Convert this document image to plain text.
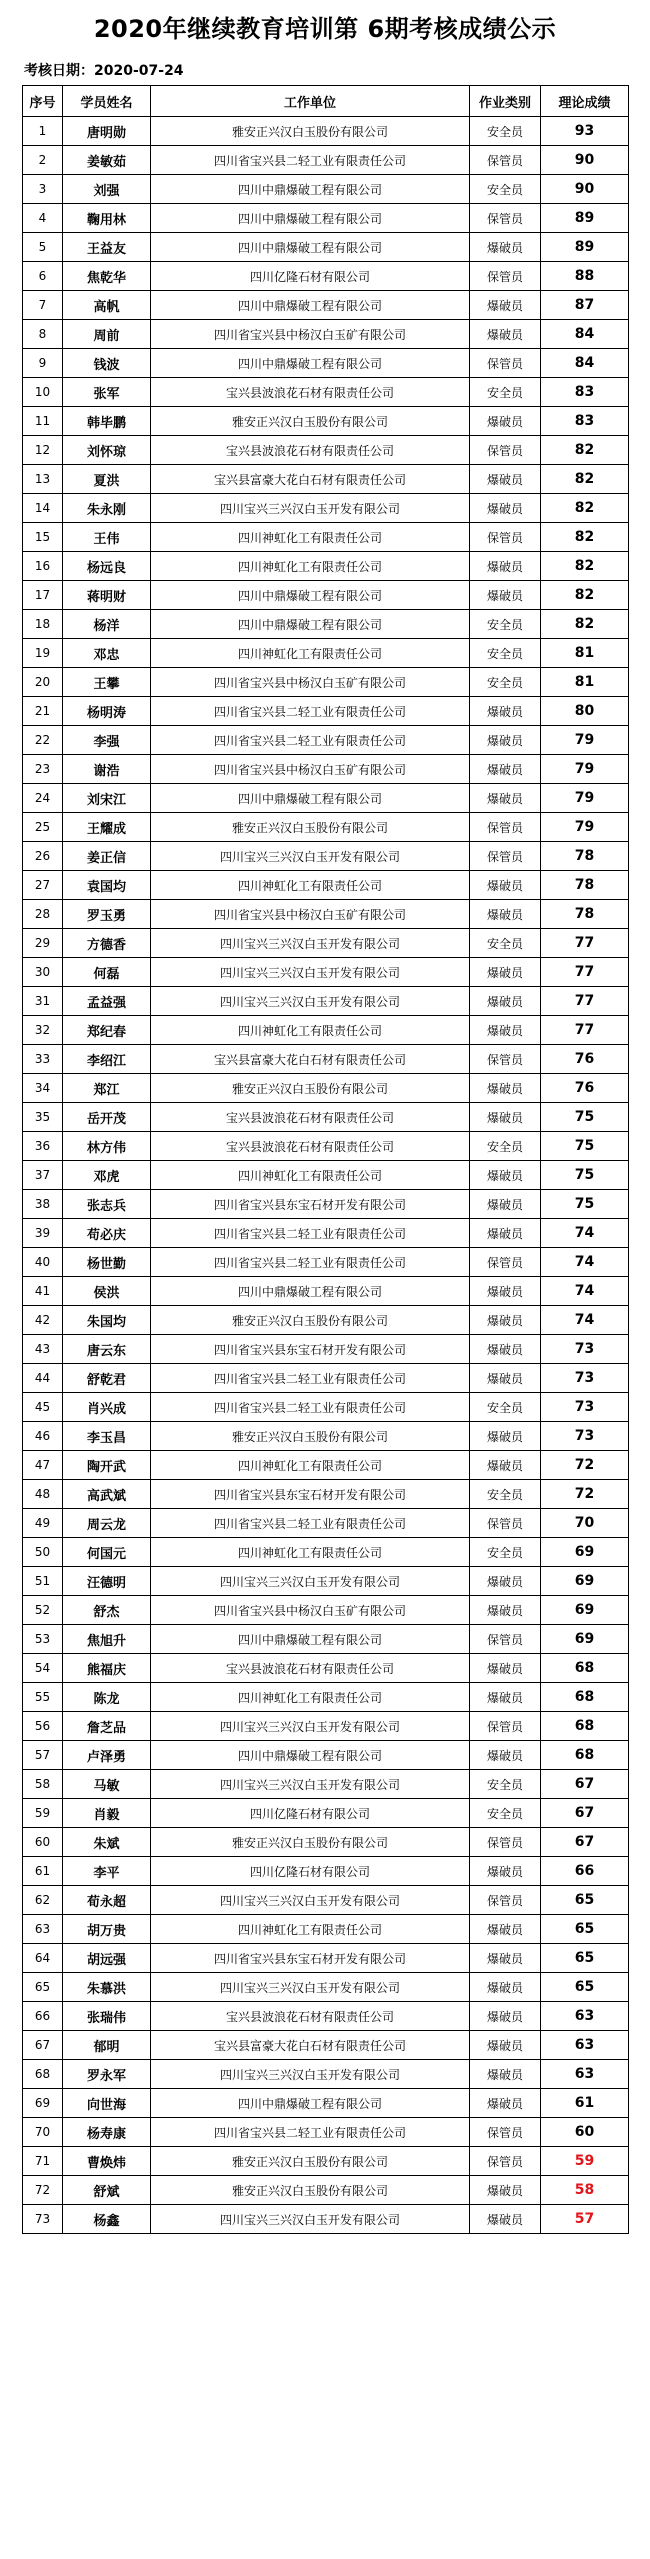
2020年继续教育培训第 6期考核成绩公示
考核日期：2020-07-24
序号	学员姓名	工作单位	作业类别	理论成绩
1	唐明勋	雅安正兴汉白玉股份有限公司	安全员	93
2	姜敏茹	四川省宝兴县二轻工业有限责任公司	保管员	90
3	刘强	四川中鼎爆破工程有限公司	安全员	90
4	鞠用林	四川中鼎爆破工程有限公司	保管员	89
5	王益友	四川中鼎爆破工程有限公司	爆破员	89
6	焦乾华	四川亿隆石材有限公司	保管员	88
7	高帆	四川中鼎爆破工程有限公司	爆破员	87
8	周前	四川省宝兴县中杨汉白玉矿有限公司	爆破员	84
9	钱波	四川中鼎爆破工程有限公司	保管员	84
10	张军	宝兴县波浪花石材有限责任公司	安全员	83
11	韩毕鹏	雅安正兴汉白玉股份有限公司	爆破员	83
12	刘怀琼	宝兴县波浪花石材有限责任公司	保管员	82
13	夏洪	宝兴县富豪大花白石材有限责任公司	爆破员	82
14	朱永刚	四川宝兴三兴汉白玉开发有限公司	爆破员	82
15	王伟	四川神虹化工有限责任公司	保管员	82
16	杨远良	四川神虹化工有限责任公司	爆破员	82
17	蒋明财	四川中鼎爆破工程有限公司	爆破员	82
18	杨洋	四川中鼎爆破工程有限公司	安全员	82
19	邓忠	四川神虹化工有限责任公司	安全员	81
20	王攀	四川省宝兴县中杨汉白玉矿有限公司	安全员	81
21	杨明涛	四川省宝兴县二轻工业有限责任公司	爆破员	80
22	李强	四川省宝兴县二轻工业有限责任公司	爆破员	79
23	谢浩	四川省宝兴县中杨汉白玉矿有限公司	爆破员	79
24	刘宋江	四川中鼎爆破工程有限公司	爆破员	79
25	王耀成	雅安正兴汉白玉股份有限公司	保管员	79
26	姜正信	四川宝兴三兴汉白玉开发有限公司	保管员	78
27	袁国均	四川神虹化工有限责任公司	爆破员	78
28	罗玉勇	四川省宝兴县中杨汉白玉矿有限公司	爆破员	78
29	方德香	四川宝兴三兴汉白玉开发有限公司	安全员	77
30	何磊	四川宝兴三兴汉白玉开发有限公司	爆破员	77
31	孟益强	四川宝兴三兴汉白玉开发有限公司	爆破员	77
32	郑纪春	四川神虹化工有限责任公司	爆破员	77
33	李绍江	宝兴县富豪大花白石材有限责任公司	保管员	76
34	郑江	雅安正兴汉白玉股份有限公司	爆破员	76
35	岳开茂	宝兴县波浪花石材有限责任公司	爆破员	75
36	林方伟	宝兴县波浪花石材有限责任公司	安全员	75
37	邓虎	四川神虹化工有限责任公司	爆破员	75
38	张志兵	四川省宝兴县东宝石材开发有限公司	爆破员	75
39	苟必庆	四川省宝兴县二轻工业有限责任公司	爆破员	74
40	杨世勤	四川省宝兴县二轻工业有限责任公司	保管员	74
41	侯洪	四川中鼎爆破工程有限公司	爆破员	74
42	朱国均	雅安正兴汉白玉股份有限公司	爆破员	74
43	唐云东	四川省宝兴县东宝石材开发有限公司	爆破员	73
44	舒乾君	四川省宝兴县二轻工业有限责任公司	爆破员	73
45	肖兴成	四川省宝兴县二轻工业有限责任公司	安全员	73
46	李玉昌	雅安正兴汉白玉股份有限公司	爆破员	73
47	陶开武	四川神虹化工有限责任公司	爆破员	72
48	高武斌	四川省宝兴县东宝石材开发有限公司	安全员	72
49	周云龙	四川省宝兴县二轻工业有限责任公司	保管员	70
50	何国元	四川神虹化工有限责任公司	安全员	69
51	汪德明	四川宝兴三兴汉白玉开发有限公司	爆破员	69
52	舒杰	四川省宝兴县中杨汉白玉矿有限公司	爆破员	69
53	焦旭升	四川中鼎爆破工程有限公司	保管员	69
54	熊福庆	宝兴县波浪花石材有限责任公司	爆破员	68
55	陈龙	四川神虹化工有限责任公司	爆破员	68
56	詹芝品	四川宝兴三兴汉白玉开发有限公司	保管员	68
57	卢泽勇	四川中鼎爆破工程有限公司	爆破员	68
58	马敏	四川宝兴三兴汉白玉开发有限公司	安全员	67
59	肖毅	四川亿隆石材有限公司	安全员	67
60	朱斌	雅安正兴汉白玉股份有限公司	保管员	67
61	李平	四川亿隆石材有限公司	爆破员	66
62	荀永超	四川宝兴三兴汉白玉开发有限公司	保管员	65
63	胡万贵	四川神虹化工有限责任公司	爆破员	65
64	胡远强	四川省宝兴县东宝石材开发有限公司	爆破员	65
65	朱慕洪	四川宝兴三兴汉白玉开发有限公司	爆破员	65
66	张瑞伟	宝兴县波浪花石材有限责任公司	爆破员	63
67	郁明	宝兴县富豪大花白石材有限责任公司	爆破员	63
68	罗永军	四川宝兴三兴汉白玉开发有限公司	爆破员	63
69	向世海	四川中鼎爆破工程有限公司	爆破员	61
70	杨寿康	四川省宝兴县二轻工业有限责任公司	保管员	60
71	曹焕炜	雅安正兴汉白玉股份有限公司	保管员	59
72	舒斌	雅安正兴汉白玉股份有限公司	爆破员	58
73	杨鑫	四川宝兴三兴汉白玉开发有限公司	爆破员	57
